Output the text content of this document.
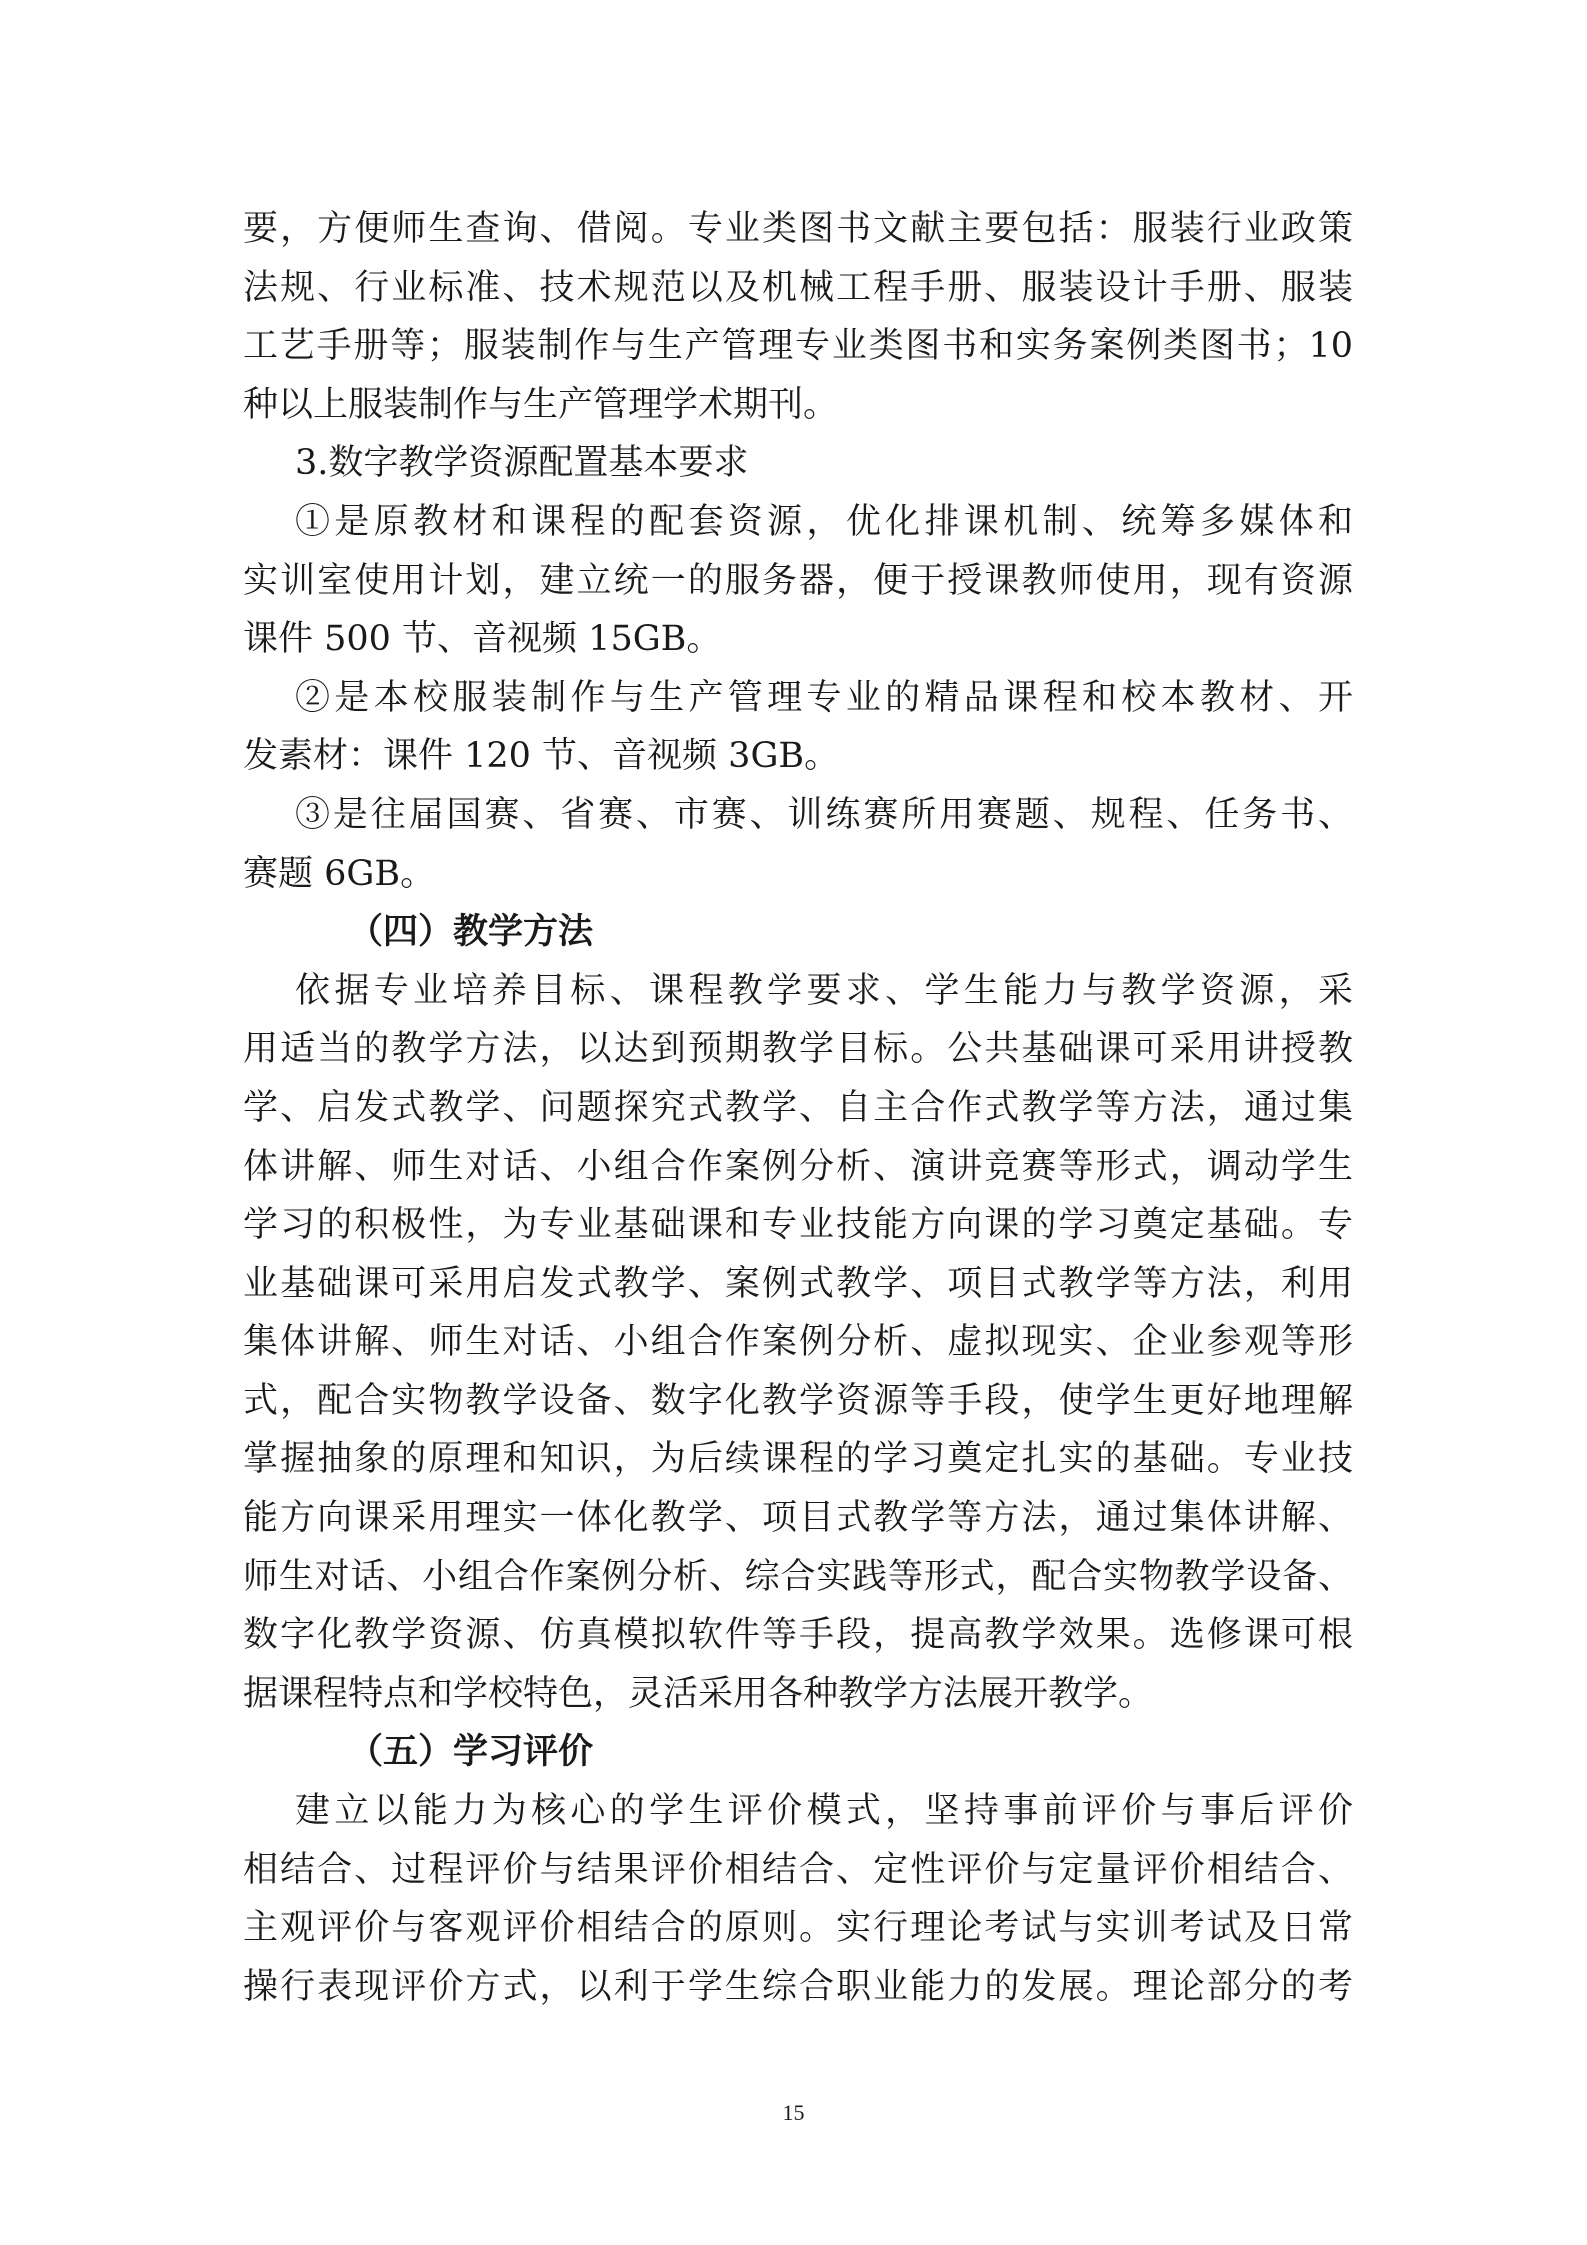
要，方便师生查询、借阅。专业类图书文献主要包括：服装行业政策
法规、行业标准、技术规范以及机械工程手册、服装设计手册、服装
工艺手册等；服装制作与生产管理专业类图书和实务案例类图书；10
种以上服装制作与生产管理学术期刊。
3.数字教学资源配置基本要求
①是原教材和课程的配套资源，优化排课机制、统筹多媒体和
实训室使用计划，建立统一的服务器，便于授课教师使用，现有资源
课件 500 节、音视频 15GB。
②是本校服装制作与生产管理专业的精品课程和校本教材、开
发素材：课件 120 节、音视频 3GB。
③是往届国赛、省赛、市赛、训练赛所用赛题、规程、任务书、
赛题 6GB。
（四）教学方法
依据专业培养目标、课程教学要求、学生能力与教学资源，采
用适当的教学方法，以达到预期教学目标。公共基础课可采用讲授教
学、启发式教学、问题探究式教学、自主合作式教学等方法，通过集
体讲解、师生对话、小组合作案例分析、演讲竞赛等形式，调动学生
学习的积极性，为专业基础课和专业技能方向课的学习奠定基础。专
业基础课可采用启发式教学、案例式教学、项目式教学等方法，利用
集体讲解、师生对话、小组合作案例分析、虚拟现实、企业参观等形
式，配合实物教学设备、数字化教学资源等手段，使学生更好地理解
掌握抽象的原理和知识，为后续课程的学习奠定扎实的基础。专业技
能方向课采用理实一体化教学、项目式教学等方法，通过集体讲解、
师生对话、小组合作案例分析、综合实践等形式，配合实物教学设备、
数字化教学资源、仿真模拟软件等手段，提高教学效果。选修课可根
据课程特点和学校特色，灵活采用各种教学方法展开教学。
（五）学习评价
建立以能力为核心的学生评价模式，坚持事前评价与事后评价
相结合、过程评价与结果评价相结合、定性评价与定量评价相结合、
主观评价与客观评价相结合的原则。实行理论考试与实训考试及日常
操行表现评价方式，以利于学生综合职业能力的发展。理论部分的考
15
